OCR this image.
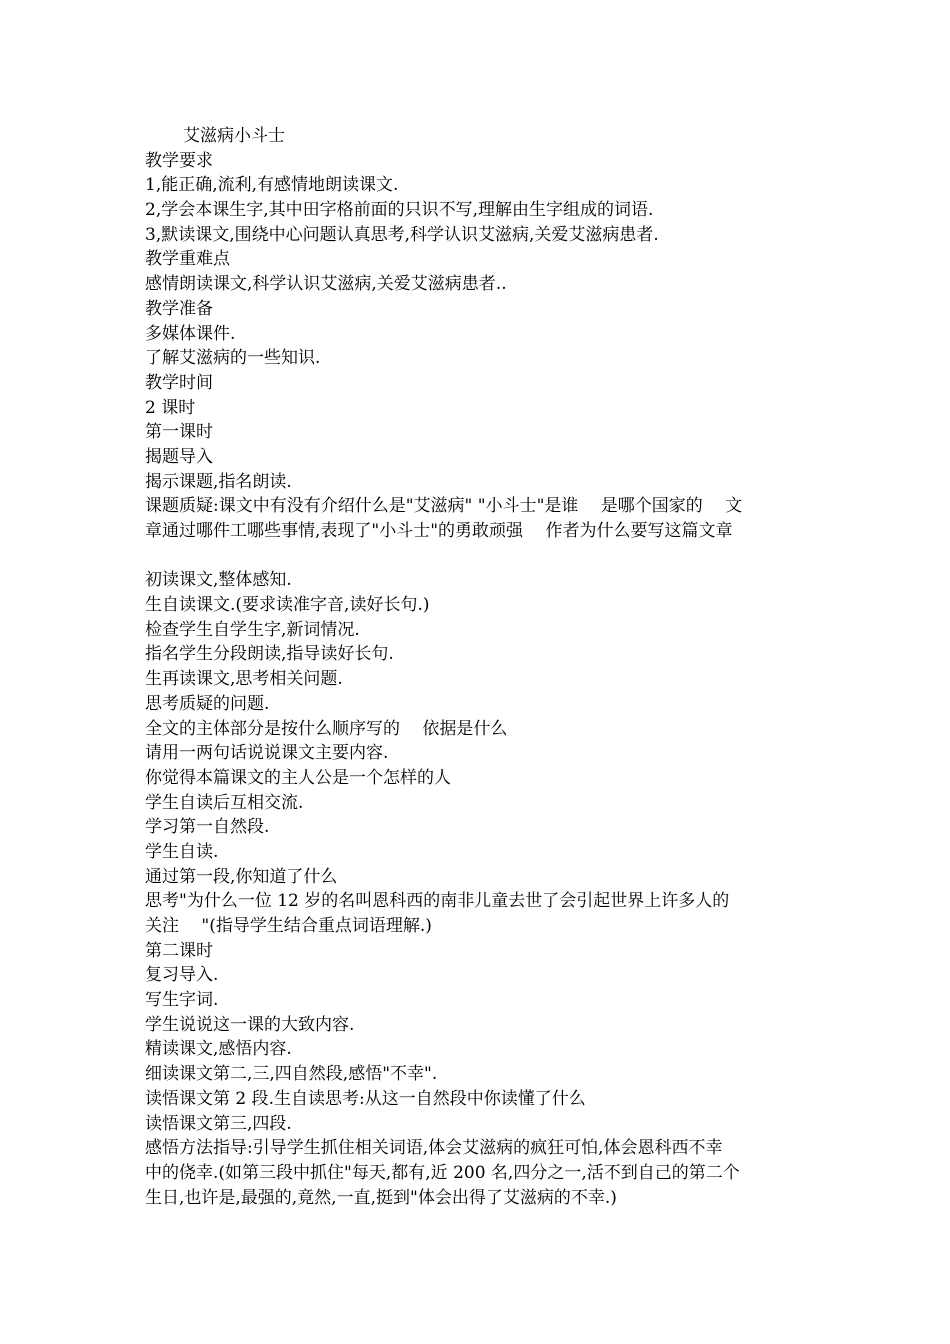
艾滋病小斗士
教学要求
1,能正确,流利,有感情地朗读课文.
2,学会本课生字,其中田字格前面的只识不写,理解由生字组成的词语.
3,默读课文,围绕中心问题认真思考,科学认识艾滋病,关爱艾滋病患者.
教学重难点
感情朗读课文,科学认识艾滋病,关爱艾滋病患者..
教学准备
多媒体课件.
了解艾滋病的一些知识.
教学时间
2 课时
第一课时
揭题导入
揭示课题,指名朗读.
课题质疑:课文中有没有介绍什么是"艾滋病" "小斗士"是谁 　是哪个国家的 　文
章通过哪件工哪些事情,表现了"小斗士"的勇敢顽强 　作者为什么要写这篇文章
初读课文,整体感知.
生自读课文.(要求读准字音,读好长句.)
检查学生自学生字,新词情况.
指名学生分段朗读,指导读好长句.
生再读课文,思考相关问题.
思考质疑的问题.
全文的主体部分是按什么顺序写的 　依据是什么
请用一两句话说说课文主要内容.
你觉得本篇课文的主人公是一个怎样的人
学生自读后互相交流.
学习第一自然段.
学生自读.
通过第一段,你知道了什么
思考"为什么一位 12 岁的名叫恩科西的南非儿童去世了会引起世界上许多人的
关注 　"(指导学生结合重点词语理解.)
第二课时
复习导入.
写生字词.
学生说说这一课的大致内容.
精读课文,感悟内容.
细读课文第二,三,四自然段,感悟"不幸".
读悟课文第 2 段.生自读思考:从这一自然段中你读懂了什么
读悟课文第三,四段.
感悟方法指导:引导学生抓住相关词语,体会艾滋病的疯狂可怕,体会恩科西不幸
中的侥幸.(如第三段中抓住"每天,都有,近 200 名,四分之一,活不到自己的第二个
生日,也许是,最强的,竟然,一直,挺到"体会出得了艾滋病的不幸.)
